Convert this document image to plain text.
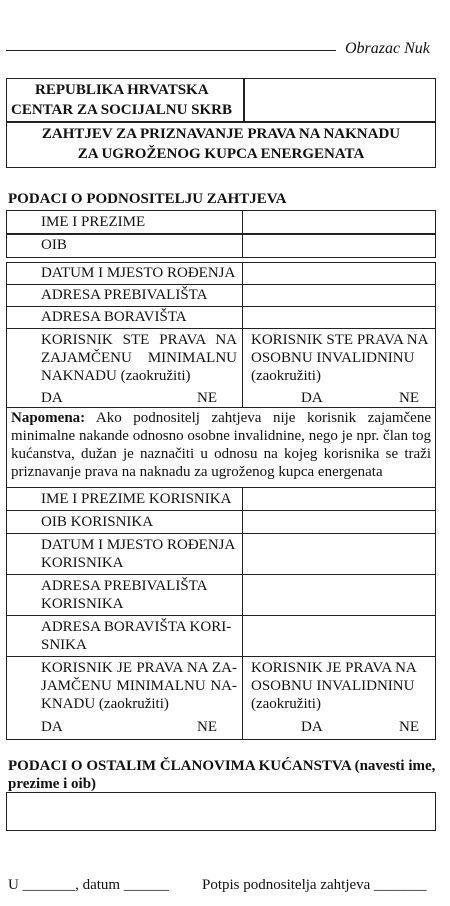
Obrazac Nuk
REPUBLIKA HRVATSKA
CENTAR ZA SOCIJALNU SKRB
ZAHTJEV ZA PRIZNAVANJE PRAVA NA NAKNADU
ZA UGROŽENOG KUPCA ENERGENATA
PODACI O PODNOSITELJU ZAHTJEVA
IME I PREZIME
OIB
DATUM I MJESTO ROĐENJA
ADRESA PREBIVALIŠTA
ADRESA BORAVIŠTA
KORISNIK STE PRAVA NA
ZAJAMČENU MINIMALNU
NAKNADU (zaokružiti)
DA	NE
KORISNIK STE PRAVA NA
OSOBNU INVALIDNINU
(zaokružiti)
DA	NE
Napomena: Ako podnositelj zahtjeva nije korisnik zajamčene minimalne nakande odnosno osobne invalidnine, nego je npr. član tog kućanstva, dužan je naznačiti u odnosu na kojeg korisnika se traži priznavanje prava na naknadu za ugroženog kupca energenata
IME I PREZIME KORISNIKA
OIB KORISNIKA
DATUM I MJESTO ROĐENJA
KORISNIKA
ADRESA PREBIVALIŠTA
KORISNIKA
ADRESA BORAVIŠTA KORI-
SNIKA
KORISNIK JE PRAVA NA ZA-
JAMČENU MINIMALNU NA-
KNADU (zaokružiti)
DA	NE
KORISNIK JE PRAVA NA
OSOBNU INVALIDNINU
(zaokružiti)
DA	NE
PODACI O OSTALIM ČLANOVIMA KUĆANSTVA (navesti ime,
prezime i oib)
U _______, datum ______ Potpis podnositelja zahtjeva _______
